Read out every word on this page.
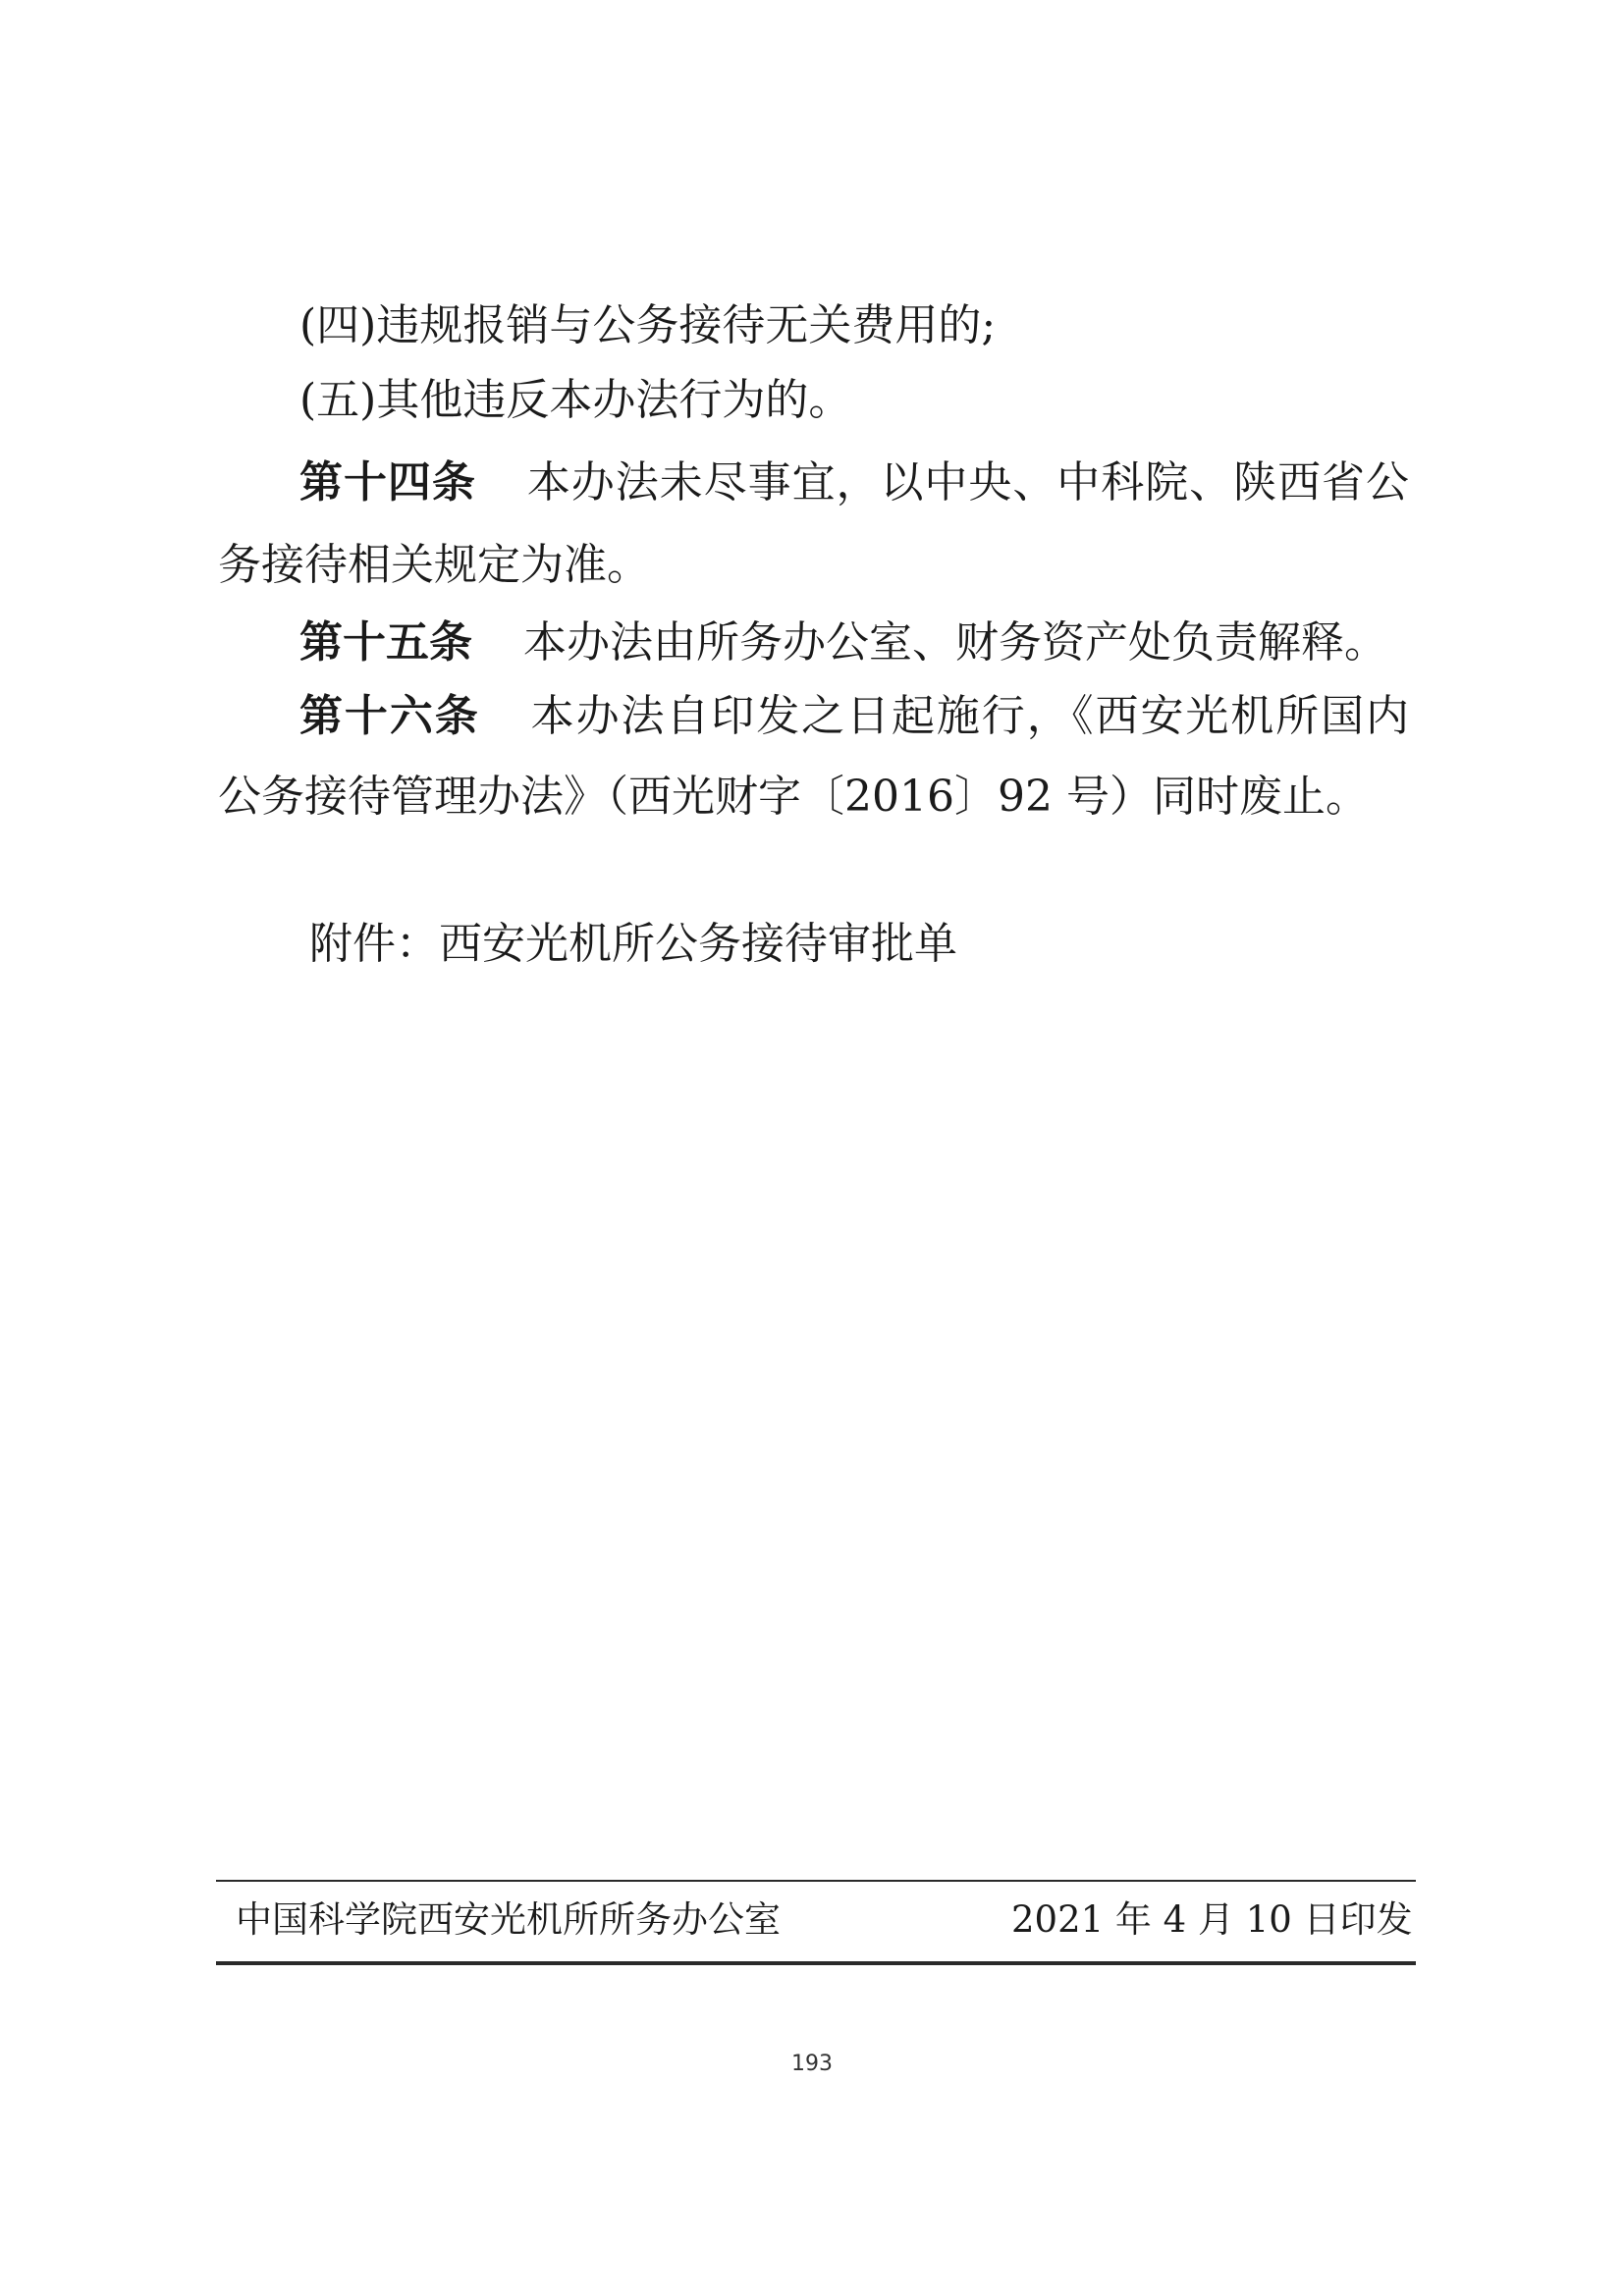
(四)违规报销与公务接待无关费用的;
(五)其他违反本办法行为的。
第十四条 本办法未尽事宜，以中央、中科院、陕西省公
务接待相关规定为准。
第十五条 本办法由所务办公室、财务资产处负责解释。
第十六条 本办法自印发之日起施行，《西安光机所国内
公务接待管理办法》（西光财字〔2016〕92 号）同时废止。
附件：西安光机所公务接待审批单
中国科学院西安光机所所务办公室	2021 年 4 月 10 日印发
193
